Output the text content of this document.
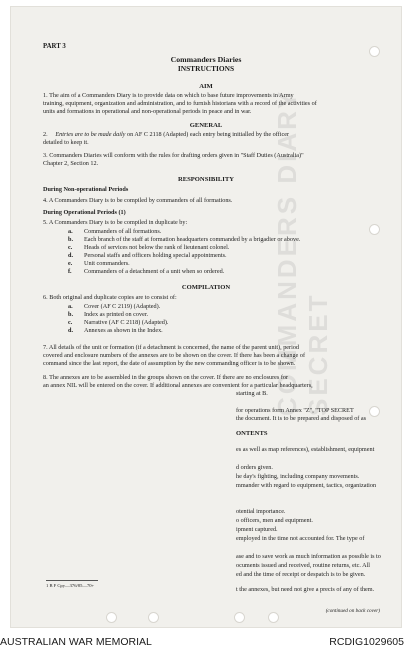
COMMANDERS DIARY SECRET
PART 3
Commanders Diaries
INSTRUCTIONS
AIM
1. The aim of a Commanders Diary is to provide data on which to base future improvements in Army
training, equipment, organization and administration, and to furnish historians with a record of the activities of
units and formations in operational and non-operational periods in peace and in war.
GENERAL
2. Entries are to be made daily on AF C 2118 (Adapted) each entry being initialled by the officer
detailed to keep it.
3. Commanders Diaries will conform with the rules for drafting orders given in "Staff Duties (Australia)"
Chapter 2, Section 12.
RESPONSIBILITY
During Non-operational Periods
4. A Commanders Diary is to be compiled by commanders of all formations.
During Operational Periods (1)
5. A Commanders Diary is to be compiled in duplicate by:
a. Commanders of all formations.
b. Each branch of the staff at formation headquarters commanded by a brigadier or above.
c. Heads of services not below the rank of lieutenant colonel.
d. Personal staffs and officers holding special appointments.
e. Unit commanders.
f. Commanders of a detachment of a unit when so ordered.
COMPILATION
6. Both original and duplicate copies are to consist of:
a. Cover (AF C 2119) (Adapted).
b. Index as printed on cover.
c. Narrative (AF C 2118) (Adapted).
d. Annexes as shown in the Index.
7. All details of the unit or formation (if a detachment is concerned, the name of the parent unit), period
covered and enclosure numbers of the annexes are to be shown on the cover. If there has been a change of
command since the last report, the date of assumption by the new commanding officer is to be shown.
8. The annexes are to be assembled in the groups shown on the cover. If there are no enclosures for
an annex NIL will be entered on the cover. If additional annexes are convenient for a particular headquarters,
starting at B.
for operations form Annex "Z", "TOP SECRET
the document. It is to be prepared and disposed of as
ONTENTS
es as well as map references), establishment, equipment
d orders given.
he day's fighting, including company movements.
mmander with regard to equipment, tactics, organization
otential importance.
o officers, men and equipment.
ipment captured.
employed in the time not accounted for. The type of
ase and to save work as much information as possible is to
ocuments issued and received, routine returns, etc. All
ed and the time of receipt or despatch is to be given.
t the annexes, but need not give a precis of any of them.
1 B F Cpy—376/85—70+
(continued on back cover)
AUSTRALIAN WAR MEMORIAL	RCDIG1029605
